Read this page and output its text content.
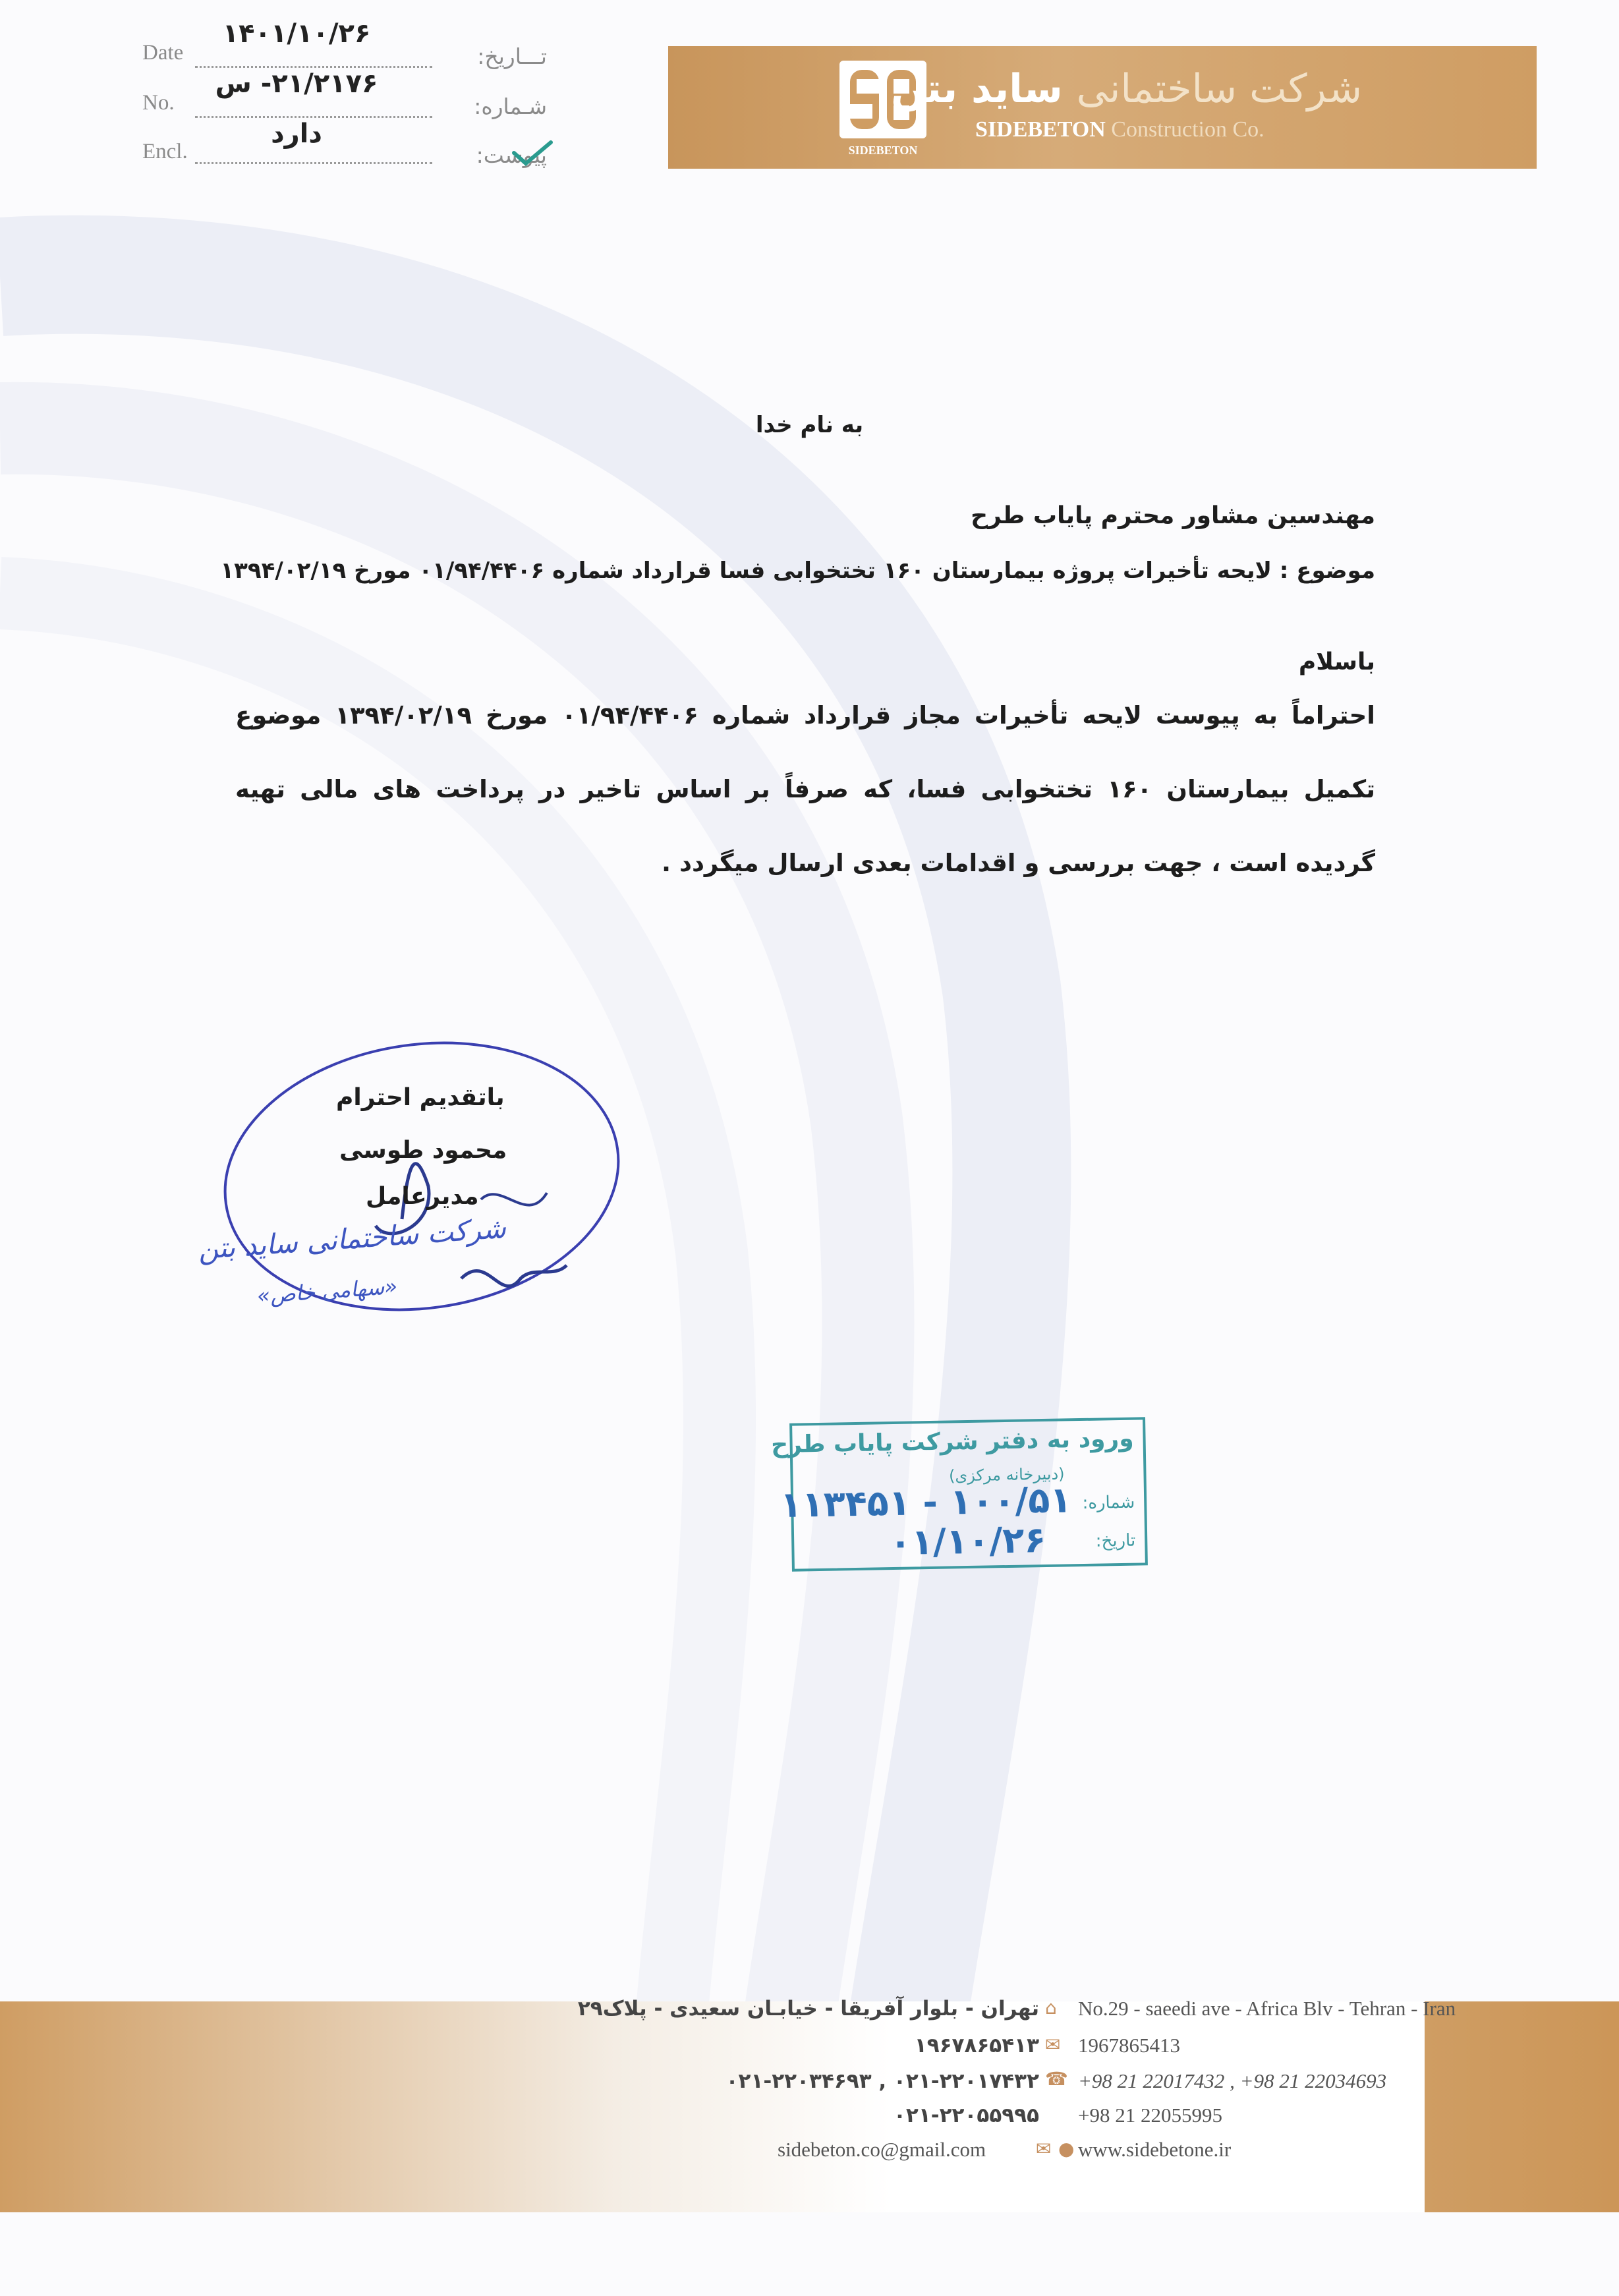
Date	تـــاریخ:
۱۴۰۱/۱۰/۲۶
No.	شـماره:
۲۱/۲۱۷۶- س
Encl.	پیوست:
دارد
SIDEBETON
شرکت ساختمانی ساید بتن
SIDEBETON Construction Co.
به نام خدا
مهندسین مشاور محترم پایاب طرح
موضوع : لایحه تأخیرات پروژه بیمارستان ۱۶۰ تختخوابی فسا قرارداد شماره ۰۱/۹۴/۴۴۰۶ مورخ ۱۳۹۴/۰۲/۱۹
باسلام
احتراماً به پیوست لایحه تأخیرات مجاز قرارداد شماره ۰۱/۹۴/۴۴۰۶ مورخ ۱۳۹۴/۰۲/۱۹ موضوع تکمیل بیمارستان ۱۶۰ تختخوابی فسا، که صرفاً بر اساس تاخیر در پرداخت های مالی تهیه گردیده است ، جهت بررسی و اقدامات بعدی ارسال میگردد .
باتقدیم احترام
محمود طوسی
مدیرعامل
شرکت ساختمانی ساید بتن
«سهامی خاص»
ورود به دفتر شرکت پایاب طرح
(دبیرخانه مرکزی)
شماره:
۱۰۰/۵۱ - ۱۱۳۴۵۱
تاریخ:
۰۱/۱۰/۲۶
تهران - بلوار آفریقا - خیابـان سعیدی - پلاک۲۹ ⌂ No.29 - saeedi ave - Africa Blv - Tehran - Iran
۱۹۶۷۸۶۵۴۱۳ ✉ 1967865413
۰۲۱-۲۲۰۱۷۴۳۲ , ۰۲۱-۲۲۰۳۴۶۹۳ ☎ +98 21 22017432 , +98 21 22034693
۰۲۱-۲۲۰۵۵۹۹۵ +98 21 22055995
sidebeton.co@gmail.com	✉ ● www.sidebetone.ir
